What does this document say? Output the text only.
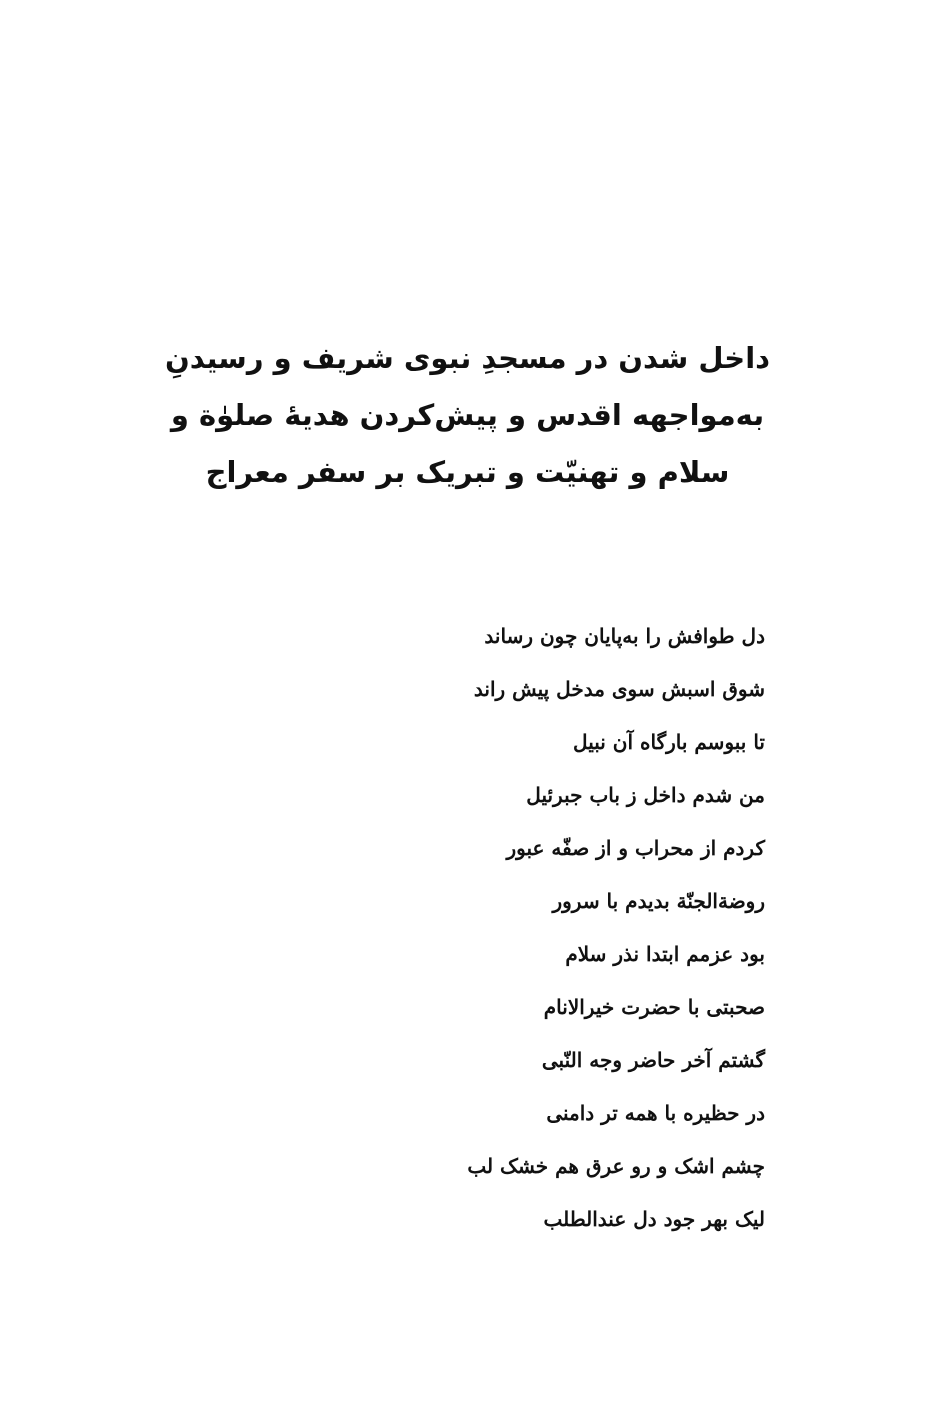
داخل شدن در مسجدِ نبوی شریف و رسیدنِ
به‌مواجهه اقدس و پیش‌کردن هدیهٔ صلوٰة و
سلام و تهنیّت و تبریک بر سفر معراج
دل طوافش را به‌پایان چون رساند
شوق اسبش سوی مدخل پیش راند
تا ببوسم بارگاه آن نبیل
من شدم داخل ز باب جبرئیل
کردم از محراب و از صفّه عبور
روضة‌الجنّة بدیدم با سرور
بود عزمم ابتدا نذر سلام
صحبتی با حضرت خیرالانام
گشتم آخر حاضر وجه النّبی
در حظیره با همه تر دامنی
چشم اشک و رو عرق هم خشک لب
لیک بهر جود دل عندالطلب
